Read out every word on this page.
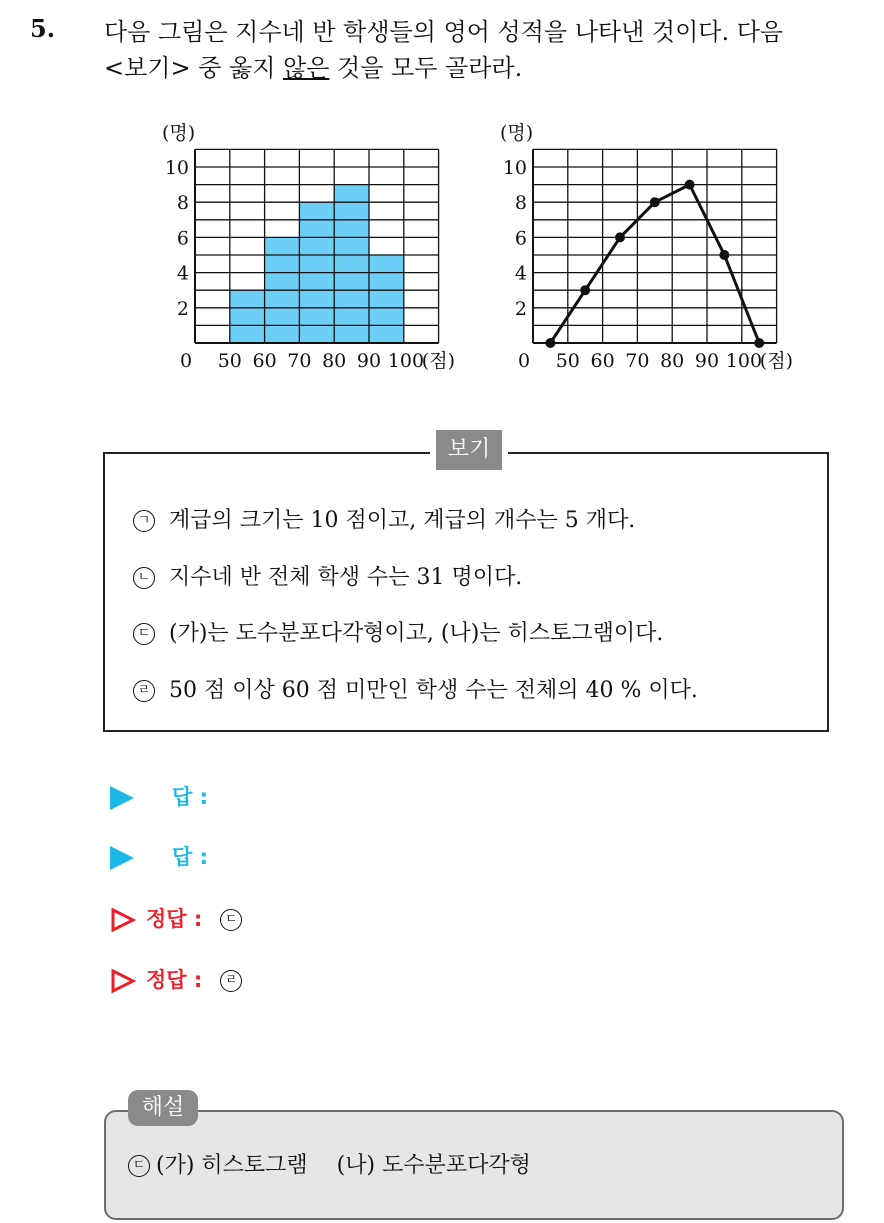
5. 다음 그림은 지수네 반 학생들의 영어 성적을 나타낸 것이다. 다음
<보기> 중 옳지 않은 것을 모두 골라라.
(명)
2
4
6
8
10
0 50 60 70 80 90 100
(점)
(명)
2
4
6
8
10
0 50 60 70 80 90 100
(점)
보기
ㄱ 계급의 크기는 10 점이고, 계급의 개수는 5 개다.
ㄴ 지수네 반 전체 학생 수는 31 명이다.
ㄷ (가)는 도수분포다각형이고, (나)는 히스토그램이다.
ㄹ 50 점 이상 60 점 미만인 학생 수는 전체의 40 % 이다.
답 :
답 :
정답 : ㄷ
정답 : ㄹ
해설
ㄷ (가) 히스토그램　 (나) 도수분포다각형
